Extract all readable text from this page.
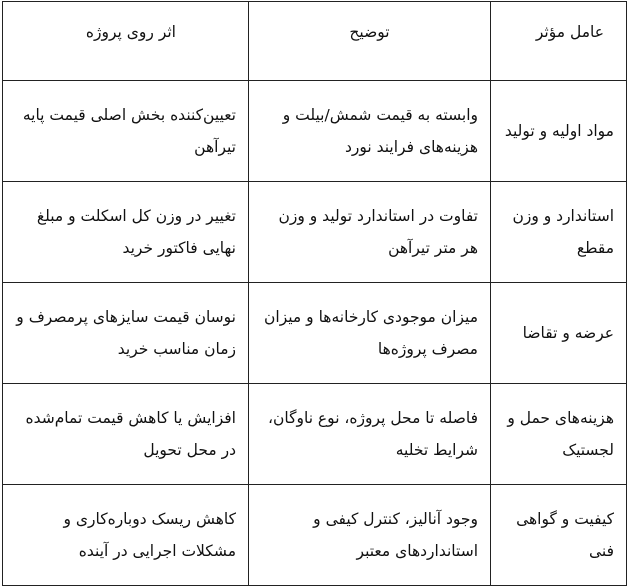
عامل مؤثر	توضیح	اثر روی پروژه
مواد اولیه و تولید	وابسته به قیمت شمش/بیلت و هزینه‌های فرایند نورد	تعیین‌کننده بخش اصلی قیمت پایه تیرآهن
استاندارد و وزن مقطع	تفاوت در استاندارد تولید و وزن هر متر تیرآهن	تغییر در وزن کل اسکلت و مبلغ نهایی فاکتور خرید
عرضه و تقاضا	میزان موجودی کارخانه‌ها و میزان مصرف پروژه‌ها	نوسان قیمت سایزهای پرمصرف و زمان مناسب خرید
هزینه‌های حمل و لجستیک	فاصله تا محل پروژه، نوع ناوگان، شرایط تخلیه	افزایش یا کاهش قیمت تمام‌شده در محل تحویل
کیفیت و گواهی فنی	وجود آنالیز، کنترل کیفی و استانداردهای معتبر	کاهش ریسک دوباره‌کاری و مشکلات اجرایی در آینده
